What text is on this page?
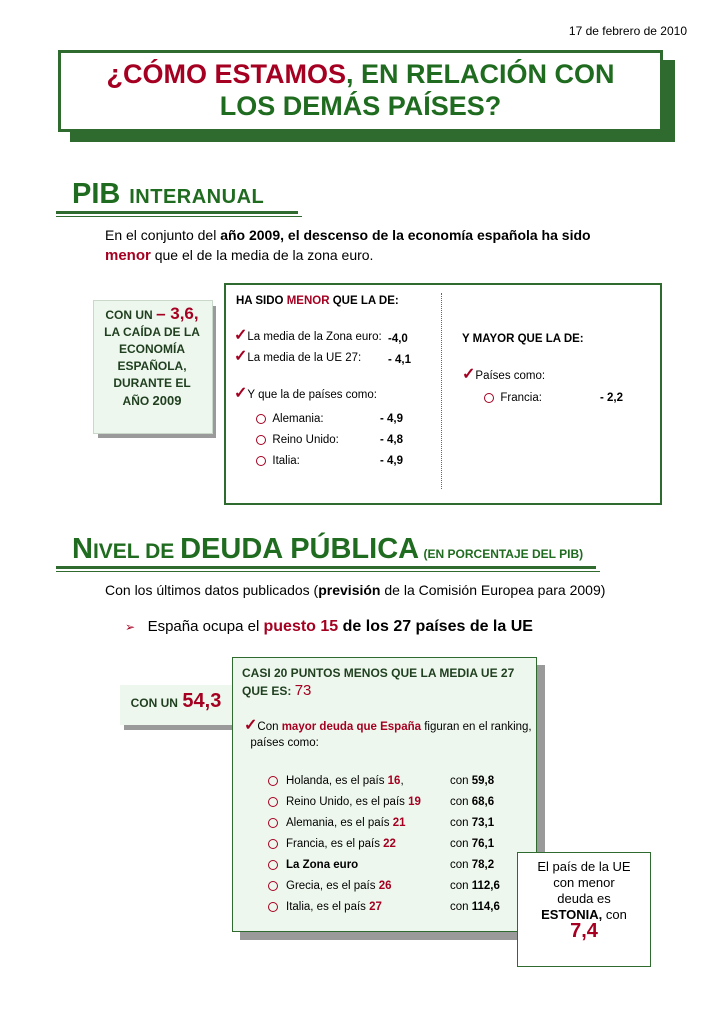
17 de febrero de 2010
¿CÓMO ESTAMOS, EN RELACIÓN CON
LOS DEMÁS PAÍSES?
PIB INTERANUAL
En el conjunto del año 2009, el descenso de la economía española ha sido
menor que el de la media de la zona euro.
CON UN – 3,6,
LA CAÍDA DE LA
ECONOMÍA
ESPAÑOLA,
DURANTE EL
AÑO 2009
HA SIDO MENOR QUE LA DE:
✓La media de la Zona euro: -4,0
✓La media de la UE 27: - 4,1
✓Y que la de países como:
Alemania:	- 4,9
Reino Unido:	- 4,8
Italia:	- 4,9
Y MAYOR QUE LA DE:
✓Países como:
Francia:	- 2,2
NIVEL DE DEUDA PÚBLICA (EN PORCENTAJE DEL PIB)
Con los últimos datos publicados (previsión de la Comisión Europea para 2009)
➢ España ocupa el puesto 15 de los 27 países de la UE
CON UN 54,3
CASI 20 PUNTOS MENOS QUE LA MEDIA UE 27
QUE ES: 73
✓Con mayor deuda que España figuran en el ranking,
países como:
Holanda, es el país 16,	con 59,8
Reino Unido, es el país 19	con 68,6
Alemania, es el país 21	con 73,1
Francia, es el país 22	con 76,1
La Zona euro	con 78,2
Grecia, es el país 26	con 112,6
Italia, es el país 27	con 114,6
El país de la UE
con menor
deuda es
ESTONIA, con
7,4
